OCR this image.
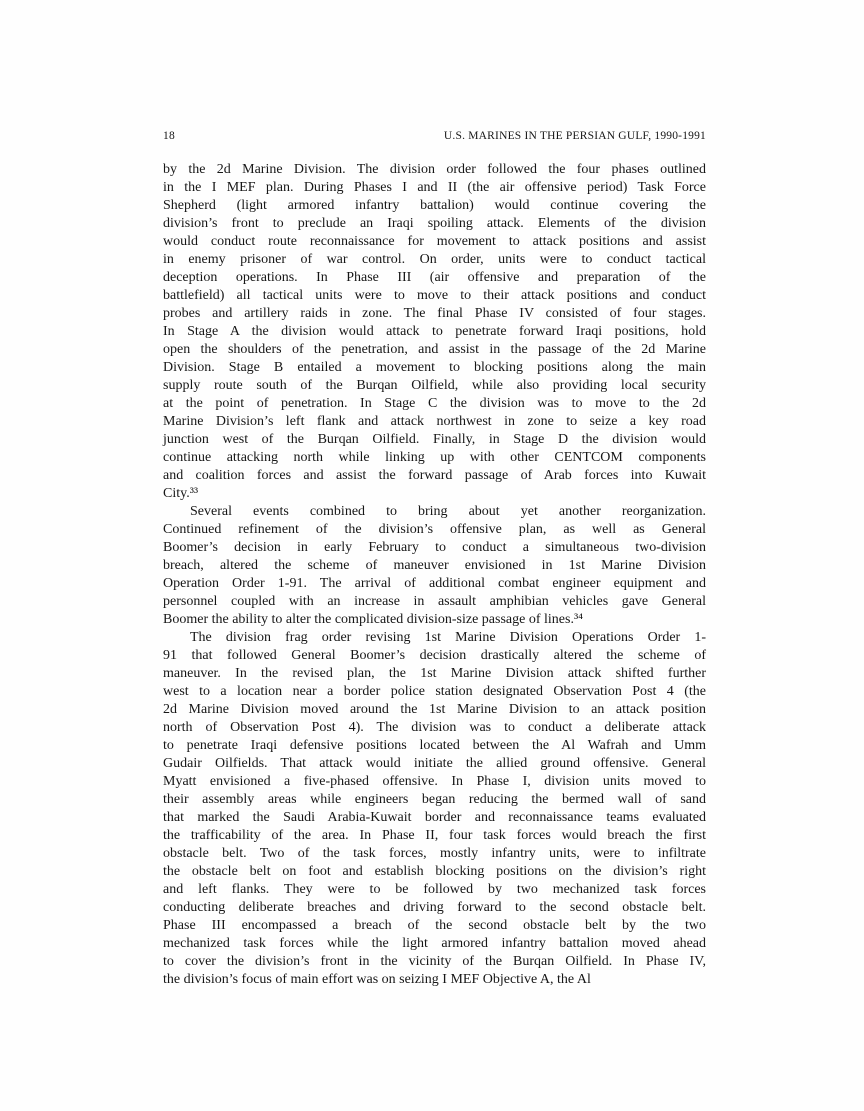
18	U.S. MARINES IN THE PERSIAN GULF, 1990-1991
by the 2d Marine Division. The division order followed the four phases outlined
in the I MEF plan. During Phases I and II (the air offensive period) Task Force
Shepherd (light armored infantry battalion) would continue covering the
division’s front to preclude an Iraqi spoiling attack. Elements of the division
would conduct route reconnaissance for movement to attack positions and assist
in enemy prisoner of war control. On order, units were to conduct tactical
deception operations. In Phase III (air offensive and preparation of the
battlefield) all tactical units were to move to their attack positions and conduct
probes and artillery raids in zone. The final Phase IV consisted of four stages.
In Stage A the division would attack to penetrate forward Iraqi positions, hold
open the shoulders of the penetration, and assist in the passage of the 2d Marine
Division. Stage B entailed a movement to blocking positions along the main
supply route south of the Burqan Oilfield, while also providing local security
at the point of penetration. In Stage C the division was to move to the 2d
Marine Division’s left flank and attack northwest in zone to seize a key road
junction west of the Burqan Oilfield. Finally, in Stage D the division would
continue attacking north while linking up with other CENTCOM components
and coalition forces and assist the forward passage of Arab forces into Kuwait
City.³³
Several events combined to bring about yet another reorganization.
Continued refinement of the division’s offensive plan, as well as General
Boomer’s decision in early February to conduct a simultaneous two-division
breach, altered the scheme of maneuver envisioned in 1st Marine Division
Operation Order 1-91. The arrival of additional combat engineer equipment and
personnel coupled with an increase in assault amphibian vehicles gave General
Boomer the ability to alter the complicated division-size passage of lines.³⁴
The division frag order revising 1st Marine Division Operations Order 1-
91 that followed General Boomer’s decision drastically altered the scheme of
maneuver. In the revised plan, the 1st Marine Division attack shifted further
west to a location near a border police station designated Observation Post 4 (the
2d Marine Division moved around the 1st Marine Division to an attack position
north of Observation Post 4). The division was to conduct a deliberate attack
to penetrate Iraqi defensive positions located between the Al Wafrah and Umm
Gudair Oilfields. That attack would initiate the allied ground offensive. General
Myatt envisioned a five-phased offensive. In Phase I, division units moved to
their assembly areas while engineers began reducing the bermed wall of sand
that marked the Saudi Arabia-Kuwait border and reconnaissance teams evaluated
the trafficability of the area. In Phase II, four task forces would breach the first
obstacle belt. Two of the task forces, mostly infantry units, were to infiltrate
the obstacle belt on foot and establish blocking positions on the division’s right
and left flanks. They were to be followed by two mechanized task forces
conducting deliberate breaches and driving forward to the second obstacle belt.
Phase III encompassed a breach of the second obstacle belt by the two
mechanized task forces while the light armored infantry battalion moved ahead
to cover the division’s front in the vicinity of the Burqan Oilfield. In Phase IV,
the division’s focus of main effort was on seizing I MEF Objective A, the Al
